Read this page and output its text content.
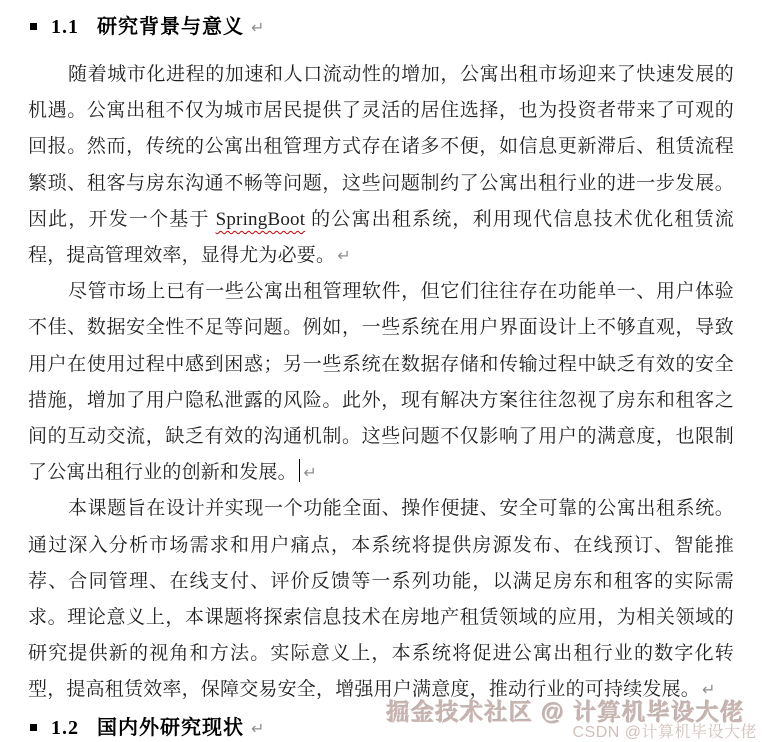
1.1 研究背景与意义 ↵

随着城市化进程的加速和人口流动性的增加，公寓出租市场迎来了快速发展的机遇。公寓出租不仅为城市居民提供了灵活的居住选择，也为投资者带来了可观的回报。然而，传统的公寓出租管理方式存在诸多不便，如信息更新滞后、租赁流程繁琐、租客与房东沟通不畅等问题，这些问题制约了公寓出租行业的进一步发展。因此，开发一个基于 SpringBoot 的公寓出租系统，利用现代信息技术优化租赁流程，提高管理效率，显得尤为必要。 ↵

尽管市场上已有一些公寓出租管理软件，但它们往往存在功能单一、用户体验不佳、数据安全性不足等问题。例如，一些系统在用户界面设计上不够直观，导致用户在使用过程中感到困惑；另一些系统在数据存储和传输过程中缺乏有效的安全措施，增加了用户隐私泄露的风险。此外，现有解决方案往往忽视了房东和租客之间的互动交流，缺乏有效的沟通机制。这些问题不仅影响了用户的满意度，也限制了公寓出租行业的创新和发展。 ↵

本课题旨在设计并实现一个功能全面、操作便捷、安全可靠的公寓出租系统。通过深入分析市场需求和用户痛点，本系统将提供房源发布、在线预订、智能推荐、合同管理、在线支付、评价反馈等一系列功能，以满足房东和租客的实际需求。理论意义上，本课题将探索信息技术在房地产租赁领域的应用，为相关领域的研究提供新的视角和方法。实际意义上，本系统将促进公寓出租行业的数字化转型，提高租赁效率，保障交易安全，增强用户满意度，推动行业的可持续发展。 ↵

1.2 国内外研究现状 ↵
掘金技术社区 @ 计算机毕设大佬
CSDN @计算机毕设大佬
